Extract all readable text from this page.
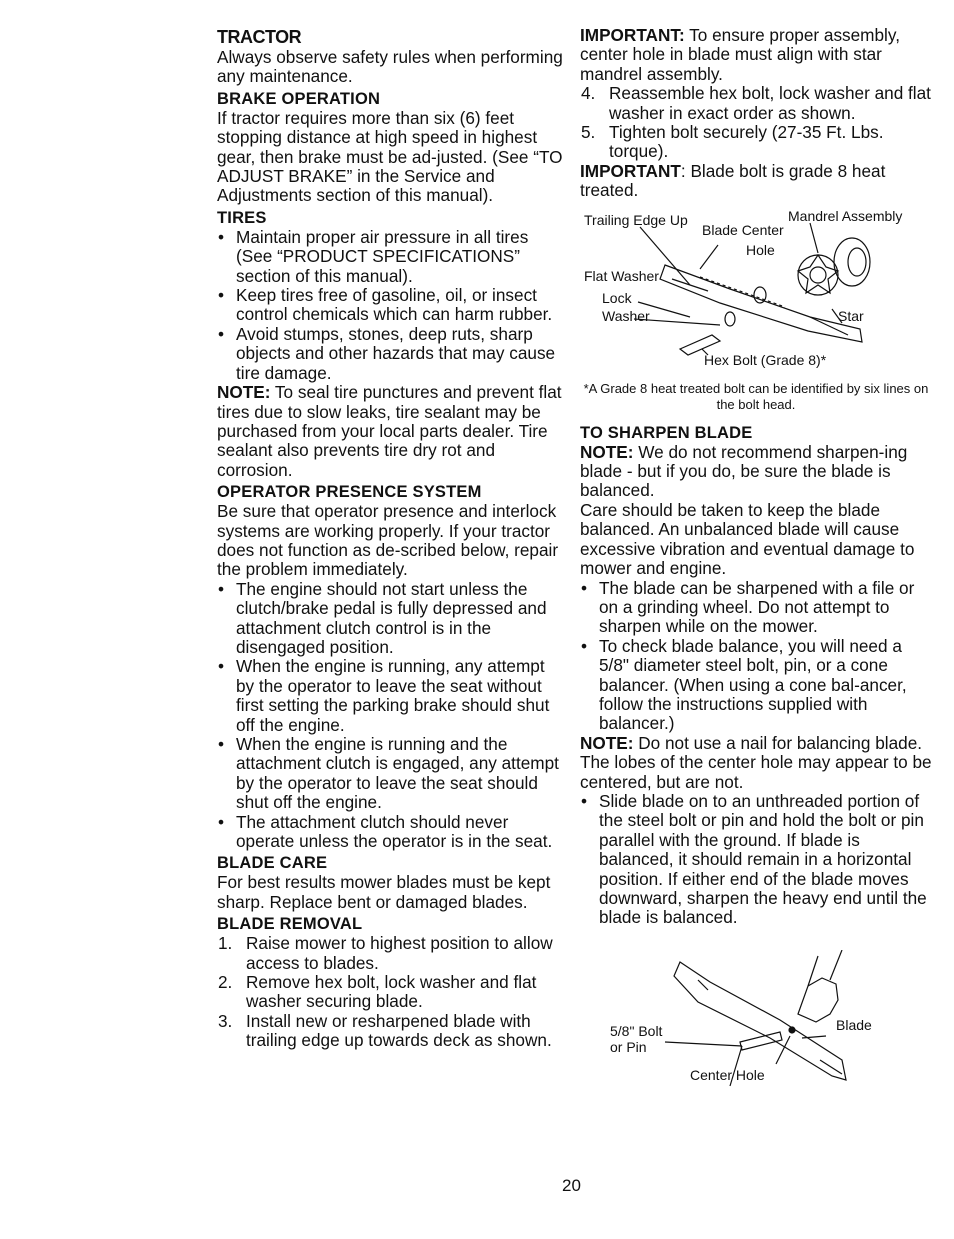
TRACTOR

Always observe safety rules when performing any maintenance.

BRAKE OPERATION

If tractor requires more than six (6) feet stopping distance at high speed in highest gear, then brake must be ad-justed. (See “TO ADJUST BRAKE” in the Service and Adjustments section of this manual).

TIRES

• Maintain proper air pressure in all tires (See “PRODUCT SPECIFICATIONS” section of this manual).

• Keep tires free of gasoline, oil, or insect control chemicals which can harm rubber.

• Avoid stumps, stones, deep ruts, sharp objects and other hazards that may cause tire damage.

NOTE: To seal tire punctures and prevent flat tires due to slow leaks, tire sealant may be purchased from your local parts dealer. Tire sealant also prevents tire dry rot and corrosion.

OPERATOR PRESENCE SYSTEM

Be sure that operator presence and interlock systems are working properly. If your tractor does not function as de-scribed below, repair the problem immediately.

• The engine should not start unless the clutch/brake pedal is fully depressed and attachment clutch control is in the disengaged position.

• When the engine is running, any attempt by the operator to leave the seat without first setting the parking brake should shut off the engine.

• When the engine is running and the attachment clutch is engaged, any attempt by the operator to leave the seat should shut off the engine.

• The attachment clutch should never operate unless the operator is in the seat.

BLADE CARE

For best results mower blades must be kept sharp. Replace bent or damaged blades.

BLADE REMOVAL

1. Raise mower to highest position to allow access to blades.

2. Remove hex bolt, lock washer and flat washer securing blade.

3. Install new or resharpened blade with trailing edge up towards deck as shown.

IMPORTANT: To ensure proper assembly, center hole in blade must align with star mandrel assembly.

4. Reassemble hex bolt, lock washer and flat washer in exact order as shown.

5. Tighten bolt securely (27-35 Ft. Lbs. torque).

IMPORTANT: Blade bolt is grade 8 heat treated.

Trailing Edge Up	Mandrel Assembly
Blade Center
Hole
Flat Washer
Lock
Washer	Star
Hex Bolt (Grade 8)*

*A Grade 8 heat treated bolt can be identified by six lines on the bolt head.

TO SHARPEN BLADE

NOTE: We do not recommend sharpen-ing blade - but if you do, be sure the blade is balanced.

Care should be taken to keep the blade balanced. An unbalanced blade will cause excessive vibration and eventual damage to mower and engine.

• The blade can be sharpened with a file or on a grinding wheel. Do not attempt to sharpen while on the mower.

• To check blade balance, you will need a 5/8" diameter steel bolt, pin, or a cone balancer. (When using a cone bal-ancer, follow the instructions supplied with balancer.)

NOTE: Do not use a nail for balancing blade. The lobes of the center hole may appear to be centered, but are not.

• Slide blade on to an unthreaded portion of the steel bolt or pin and hold the bolt or pin parallel with the ground. If blade is balanced, it should remain in a horizontal position. If either end of the blade moves downward, sharpen the heavy end until the blade is balanced.

5/8" Bolt
or Pin
Blade
Center Hole
20
